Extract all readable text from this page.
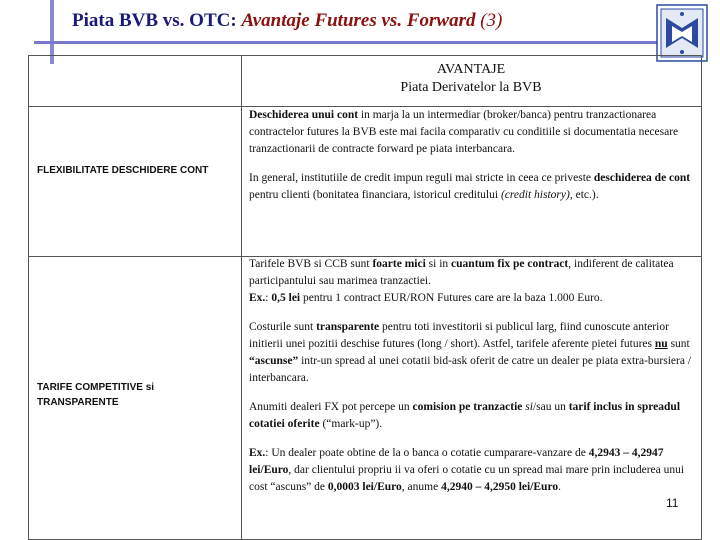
Piata BVB vs. OTC: Avantaje Futures vs. Forward (3)
AVANTAJE
Piata Derivatelor la BVB
FLEXIBILITATE DESCHIDERE CONT

Deschiderea unui cont in marja la un intermediar (broker/banca) pentru tranzactionarea contractelor futures la BVB este mai facila comparativ cu conditiile si documentatia necesare tranzactionarii de contracte forward pe piata interbancara.

In general, institutiile de credit impun reguli mai stricte in ceea ce priveste deschiderea de cont pentru clienti (bonitatea financiara, istoricul creditului (credit history), etc.).

TARIFE COMPETITIVE si TRANSPARENTE

Tarifele BVB si CCB sunt foarte mici si in cuantum fix pe contract, indiferent de calitatea participantului sau marimea tranzactiei.
Ex.: 0,5 lei pentru 1 contract EUR/RON Futures care are la baza 1.000 Euro.

Costurile sunt transparente pentru toti investitorii si publicul larg, fiind cunoscute anterior initierii unei pozitii deschise futures (long / short). Astfel, tarifele aferente pietei futures nu sunt “ascunse” intr-un spread al unei cotatii bid-ask oferit de catre un dealer pe piata extra-bursiera / interbancara.

Anumiti dealeri FX pot percepe un comision pe tranzactie si/sau un tarif inclus in spreadul cotatiei oferite (“mark-up”).

Ex.: Un dealer poate obtine de la o banca o cotatie cumparare-vanzare de 4,2943 – 4,2947 lei/Euro, dar clientului propriu ii va oferi o cotatie cu un spread mai mare prin includerea unui cost “ascuns” de 0,0003 lei/Euro, anume 4,2940 – 4,2950 lei/Euro.

11
